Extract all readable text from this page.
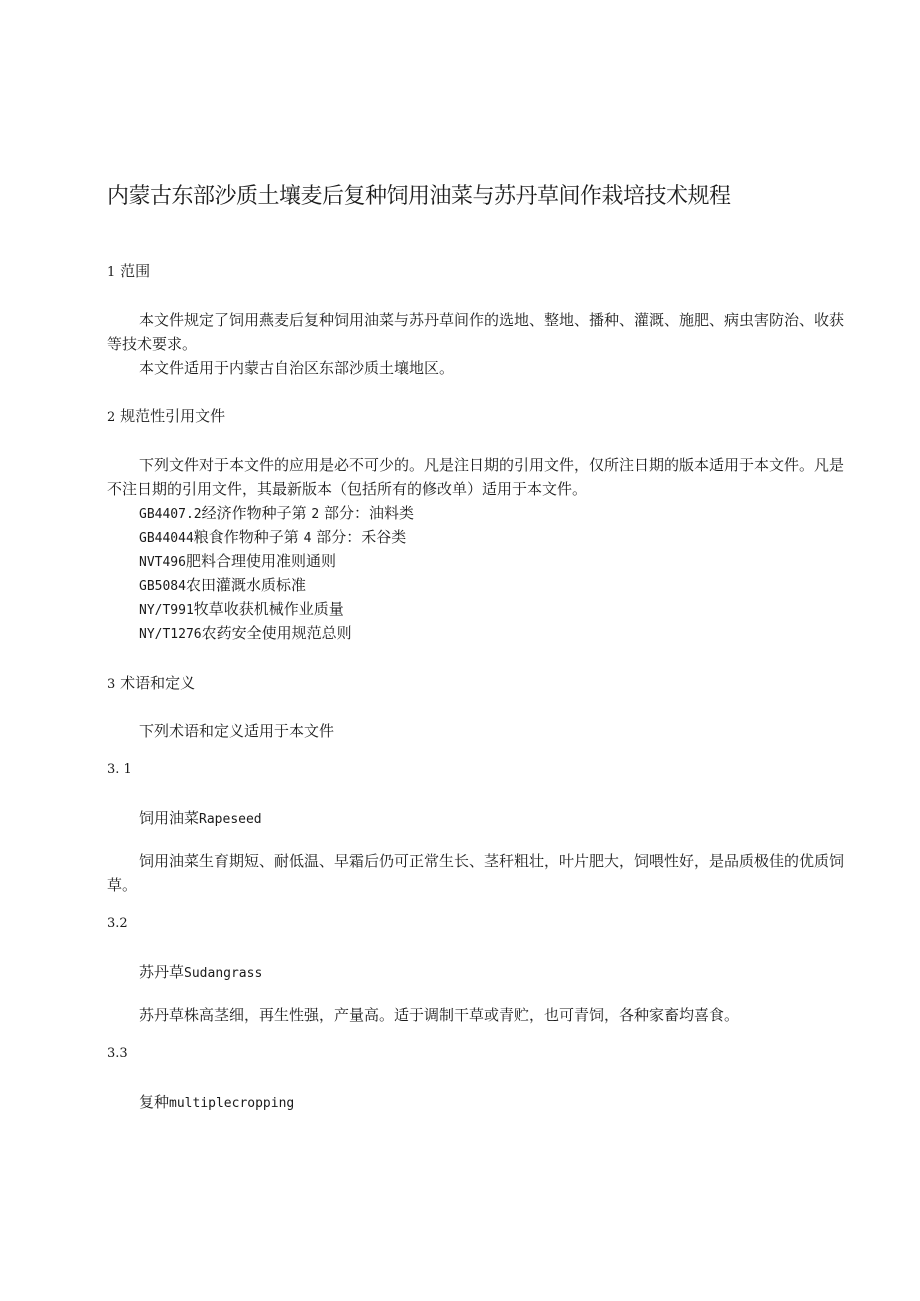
内蒙古东部沙质土壤麦后复种饲用油菜与苏丹草间作栽培技术规程
1 范围
本文件规定了饲用燕麦后复种饲用油菜与苏丹草间作的选地、整地、播种、灌溉、施肥、病虫害防治、收获等技术要求。
本文件适用于内蒙古自治区东部沙质土壤地区。
2 规范性引用文件
下列文件对于本文件的应用是必不可少的。凡是注日期的引用文件，仅所注日期的版本适用于本文件。凡是不注日期的引用文件，其最新版本（包括所有的修改单）适用于本文件。
GB4407.2经济作物种子第 2 部分：油料类
GB44044粮食作物种子第 4 部分：禾谷类
NVT496肥料合理使用准则通则
GB5084农田灌溉水质标准
NY/T991牧草收获机械作业质量
NY/T1276农药安全使用规范总则
3 术语和定义
下列术语和定义适用于本文件
3. 1
饲用油菜Rapeseed
饲用油菜生育期短、耐低温、早霜后仍可正常生长、茎秆粗壮，叶片肥大，饲喂性好，是品质极佳的优质饲草。
3.2
苏丹草Sudangrass
苏丹草株高茎细，再生性强，产量高。适于调制干草或青贮，也可青饲，各种家畜均喜食。
3.3
复种multiplecropping
